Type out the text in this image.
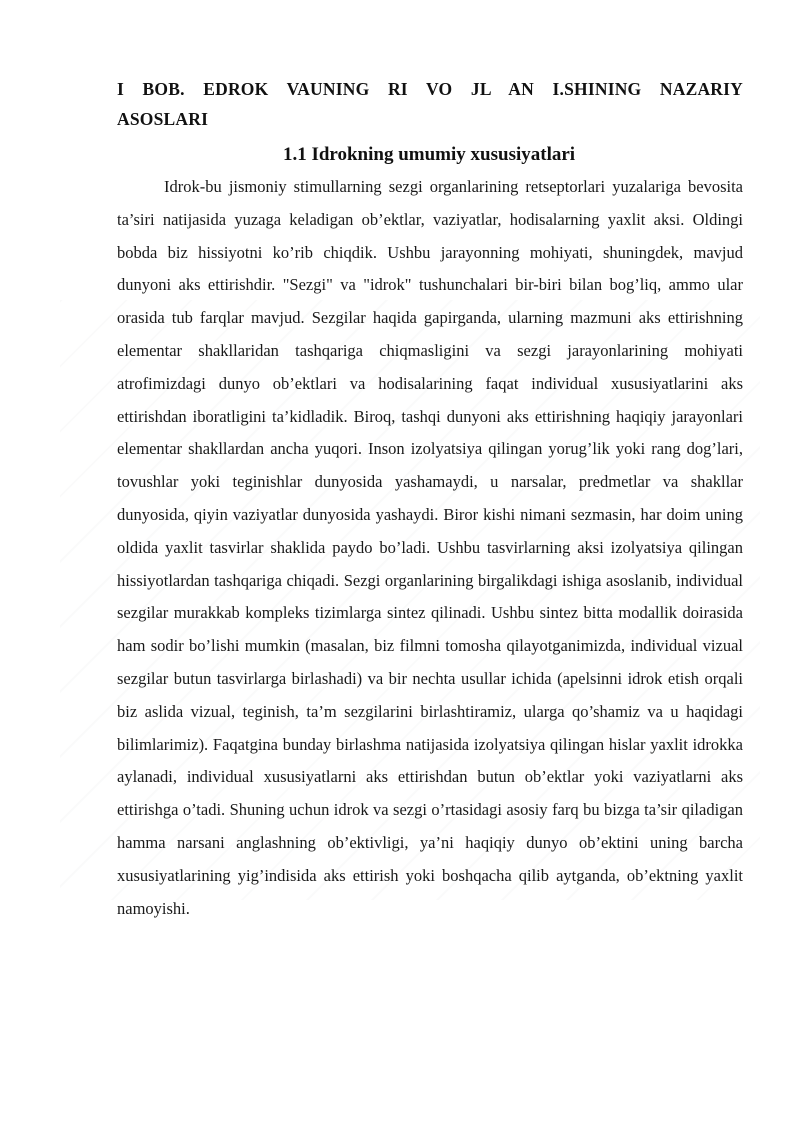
I BOB. EDROK VAUNING RI VO JL AN I.SHINING NAZARIY ASOSLARI
1.1 Idrokning umumiy xususiyatlari

Idrok-bu jismoniy stimullarning sezgi organlarining retseptorlari yuzalariga bevosita ta’siri natijasida yuzaga keladigan ob’ektlar, vaziyatlar, hodisalarning yaxlit aksi. Oldingi bobda biz hissiyotni ko’rib chiqdik. Ushbu jarayonning mohiyati, shuningdek, mavjud dunyoni aks ettirishdir. "Sezgi" va "idrok" tushunchalari bir-biri bilan bog’liq, ammo ular orasida tub farqlar mavjud. Sezgilar haqida gapirganda, ularning mazmuni aks ettirishning elementar shakllaridan tashqariga chiqmasligini va sezgi jarayonlarining mohiyati atrofimizdagi dunyo ob’ektlari va hodisalarining faqat individual xususiyatlarini aks ettirishdan iboratligini ta’kidladik. Biroq, tashqi dunyoni aks ettirishning haqiqiy jarayonlari elementar shakllardan ancha yuqori. Inson izolyatsiya qilingan yorug’lik yoki rang dog’lari, tovushlar yoki teginishlar dunyosida yashamaydi, u narsalar, predmetlar va shakllar dunyosida, qiyin vaziyatlar dunyosida yashaydi. Biror kishi nimani sezmasin, har doim uning oldida yaxlit tasvirlar shaklida paydo bo’ladi. Ushbu tasvirlarning aksi izolyatsiya qilingan hissiyotlardan tashqariga chiqadi. Sezgi organlarining birgalikdagi ishiga asoslanib, individual sezgilar murakkab kompleks tizimlarga sintez qilinadi. Ushbu sintez bitta modallik doirasida ham sodir bo’lishi mumkin (masalan, biz filmni tomosha qilayotganimizda, individual vizual sezgilar butun tasvirlarga birlashadi) va bir nechta usullar ichida (apelsinni idrok etish orqali biz aslida vizual, teginish, ta’m sezgilarini birlashtiramiz, ularga qo’shamiz va u haqidagi bilimlarimiz). Faqatgina bunday birlashma natijasida izolyatsiya qilingan hislar yaxlit idrokka aylanadi, individual xususiyatlarni aks ettirishdan butun ob’ektlar yoki vaziyatlarni aks ettirishga o’tadi. Shuning uchun idrok va sezgi o’rtasidagi asosiy farq bu bizga ta’sir qiladigan hamma narsani anglashning ob’ektivligi, ya’ni haqiqiy dunyo ob’ektini uning barcha xususiyatlarining yig’indisida aks ettirish yoki boshqacha qilib aytganda, ob’ektning yaxlit namoyishi.
